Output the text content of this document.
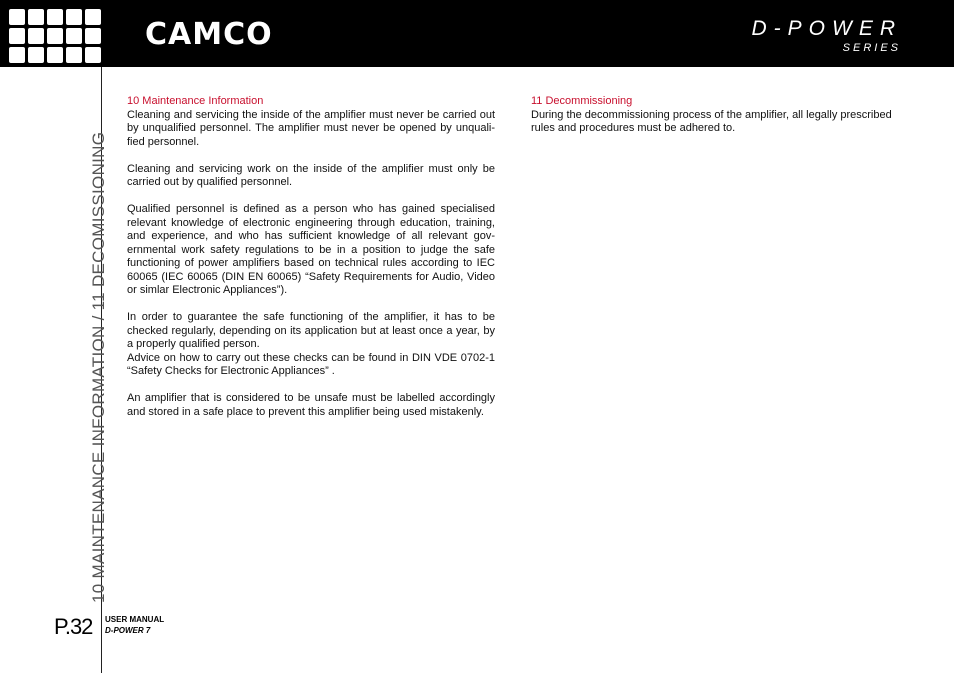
CAMCO	D-POWER
SERIES
10 MAINTENANCE INFORMATION / 11 DECOMISSIONING
P.32 USER MANUAL
D-POWER 7
10 Maintenance Information

Cleaning and servicing the inside of the amplifier must never be carried out by unqualified personnel. The amplifier must never be opened by unquali-fied personnel.

Cleaning and servicing work on the inside of the amplifier must only be carried out by qualified personnel.

Qualified personnel is defined as a person who has gained specialised relevant knowledge of electronic engineering through education, training, and experience, and who has sufficient knowledge of all relevant gov-ernmental work safety regulations to be in a position to judge the safe functioning of power amplifiers based on technical rules according to IEC 60065 (IEC 60065 (DIN EN 60065) “Safety Requirements for Audio, Video or simlar Electronic Appliances”).

In order to guarantee the safe functioning of the amplifier, it has to be checked regularly, depending on its application but at least once a year, by a properly qualified person.

Advice on how to carry out these checks can be found in DIN VDE 0702-1 “Safety Checks for Electronic Appliances” .

An amplifier that is considered to be unsafe must be labelled accordingly and stored in a safe place to prevent this amplifier being used mistakenly.

11 Decommissioning

During the decommissioning process of the amplifier, all legally prescribed rules and procedures must be adhered to.
